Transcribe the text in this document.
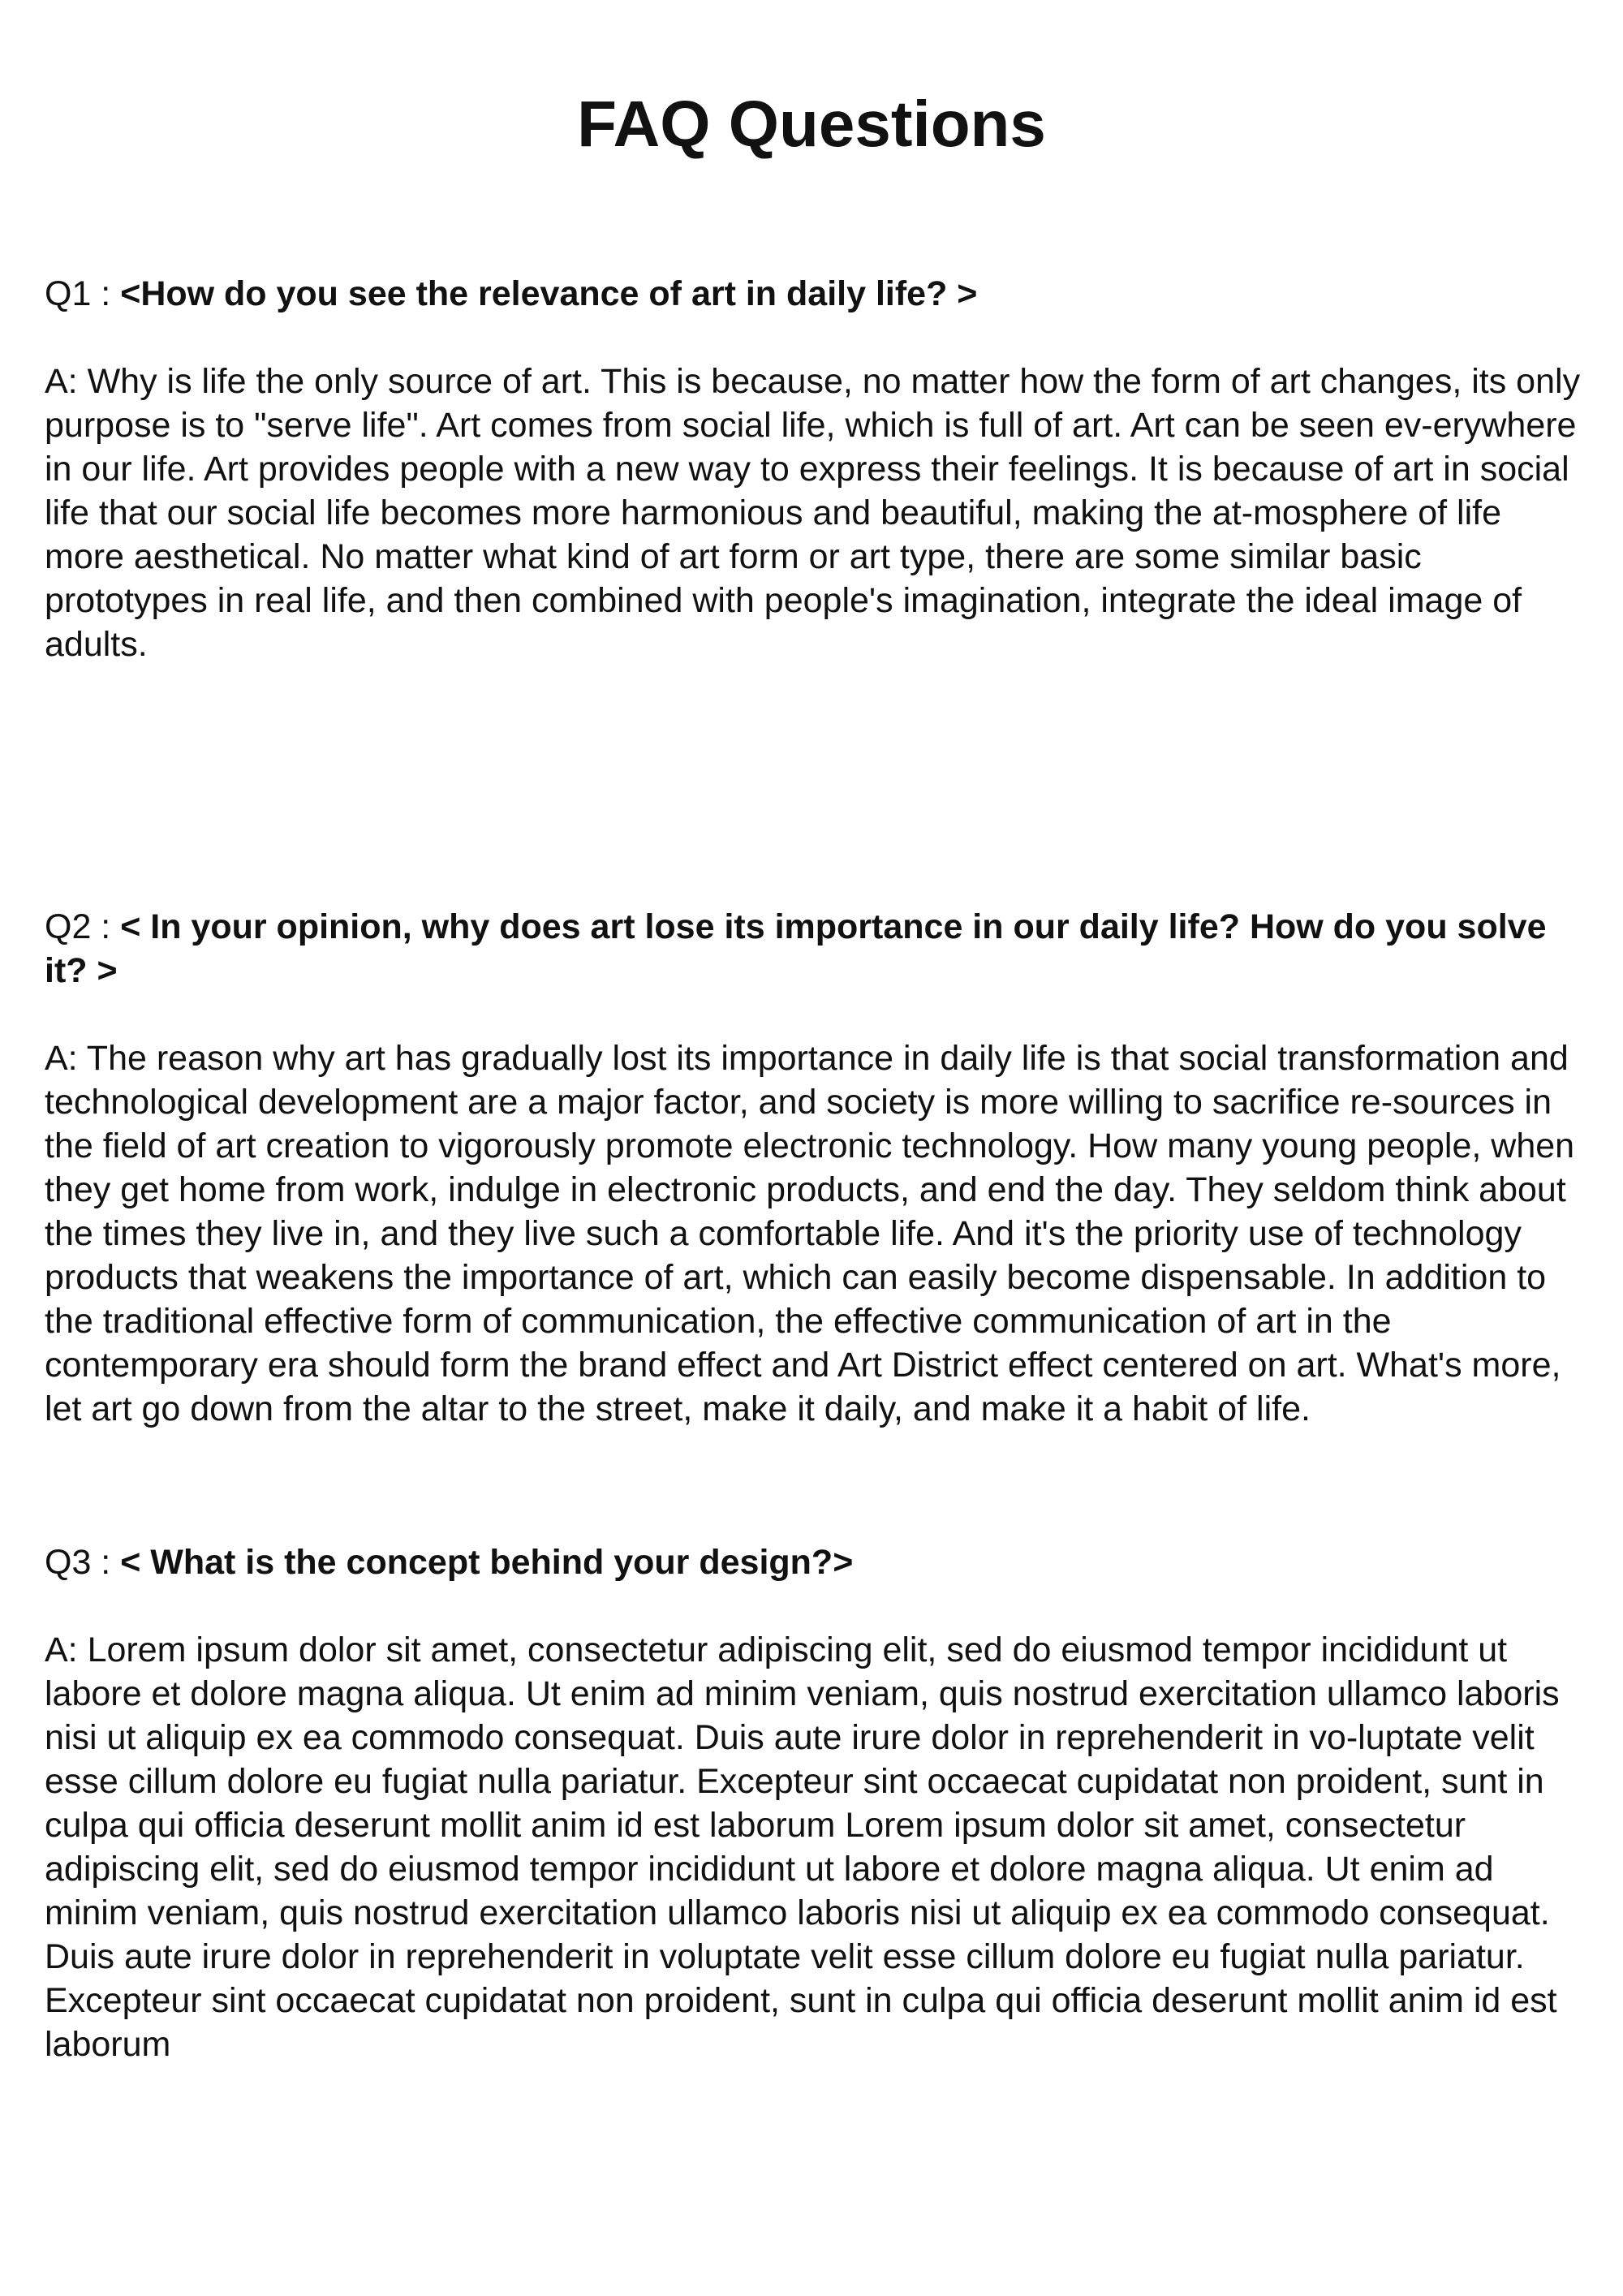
FAQ Questions

Q1 : <How do you see the relevance of art in daily life? >

A: Why is life the only source of art. This is because, no matter how the form of art changes, its only purpose is to "serve life". Art comes from social life, which is full of art. Art can be seen ev-erywhere in our life. Art provides people with a new way to express their feelings. It is because of art in social life that our social life becomes more harmonious and beautiful, making the at-mosphere of life more aesthetical. No matter what kind of art form or art type, there are some similar basic prototypes in real life, and then combined with people's imagination, integrate the ideal image of adults.

Q2 : < In your opinion, why does art lose its importance in our daily life? How do you solve it? >

A: The reason why art has gradually lost its importance in daily life is that social transformation and technological development are a major factor, and society is more willing to sacrifice re-sources in the field of art creation to vigorously promote electronic technology. How many young people, when they get home from work, indulge in electronic products, and end the day. They seldom think about the times they live in, and they live such a comfortable life. And it's the priority use of technology products that weakens the importance of art, which can easily become dispensable. In addition to the traditional effective form of communication, the effective communication of art in the contemporary era should form the brand effect and Art District effect centered on art. What's more, let art go down from the altar to the street, make it daily, and make it a habit of life.

Q3 : < What is the concept behind your design?>

A: Lorem ipsum dolor sit amet, consectetur adipiscing elit, sed do eiusmod tempor incididunt ut labore et dolore magna aliqua. Ut enim ad minim veniam, quis nostrud exercitation ullamco laboris nisi ut aliquip ex ea commodo consequat. Duis aute irure dolor in reprehenderit in vo-luptate velit esse cillum dolore eu fugiat nulla pariatur. Excepteur sint occaecat cupidatat non proident, sunt in culpa qui officia deserunt mollit anim id est laborum Lorem ipsum dolor sit amet, consectetur adipiscing elit, sed do eiusmod tempor incididunt ut labore et dolore magna aliqua. Ut enim ad minim veniam, quis nostrud exercitation ullamco laboris nisi ut aliquip ex ea commodo consequat. Duis aute irure dolor in reprehenderit in voluptate velit esse cillum dolore eu fugiat nulla pariatur. Excepteur sint occaecat cupidatat non proident, sunt in culpa qui officia deserunt mollit anim id est laborum
